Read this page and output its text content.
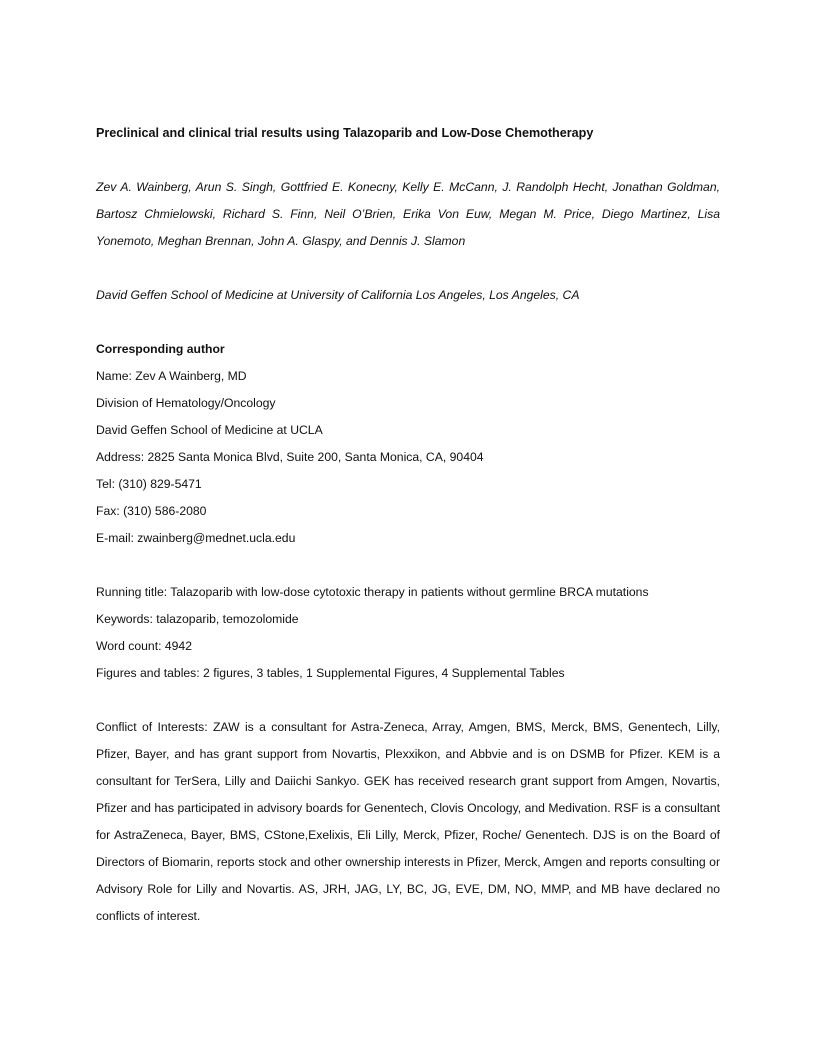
Preclinical and clinical trial results using Talazoparib and Low-Dose Chemotherapy
Zev A. Wainberg, Arun S. Singh, Gottfried E. Konecny, Kelly E. McCann, J. Randolph Hecht, Jonathan Goldman, Bartosz Chmielowski, Richard S. Finn, Neil O’Brien, Erika Von Euw, Megan M. Price, Diego Martinez, Lisa Yonemoto, Meghan Brennan, John A. Glaspy, and Dennis J. Slamon
David Geffen School of Medicine at University of California Los Angeles, Los Angeles, CA
Corresponding author
Name: Zev A Wainberg, MD
Division of Hematology/Oncology
David Geffen School of Medicine at UCLA
Address: 2825 Santa Monica Blvd, Suite 200, Santa Monica, CA, 90404
Tel: (310) 829-5471
Fax: (310) 586-2080
E-mail: zwainberg@mednet.ucla.edu
Running title: Talazoparib with low-dose cytotoxic therapy in patients without germline BRCA mutations
Keywords: talazoparib, temozolomide
Word count: 4942
Figures and tables: 2 figures, 3 tables, 1 Supplemental Figures, 4 Supplemental Tables
Conflict of Interests: ZAW is a consultant for Astra-Zeneca, Array, Amgen, BMS, Merck, BMS, Genentech, Lilly, Pfizer, Bayer, and has grant support from Novartis, Plexxikon, and Abbvie and is on DSMB for Pfizer. KEM is a consultant for TerSera, Lilly and Daiichi Sankyo. GEK has received research grant support from Amgen, Novartis, Pfizer and has participated in advisory boards for Genentech, Clovis Oncology, and Medivation. RSF is a consultant for AstraZeneca, Bayer, BMS, CStone,Exelixis, Eli Lilly, Merck, Pfizer, Roche/ Genentech. DJS is on the Board of Directors of Biomarin, reports stock and other ownership interests in Pfizer, Merck, Amgen and reports consulting or Advisory Role for Lilly and Novartis. AS, JRH, JAG, LY, BC, JG, EVE, DM, NO, MMP, and MB have declared no conflicts of interest.
